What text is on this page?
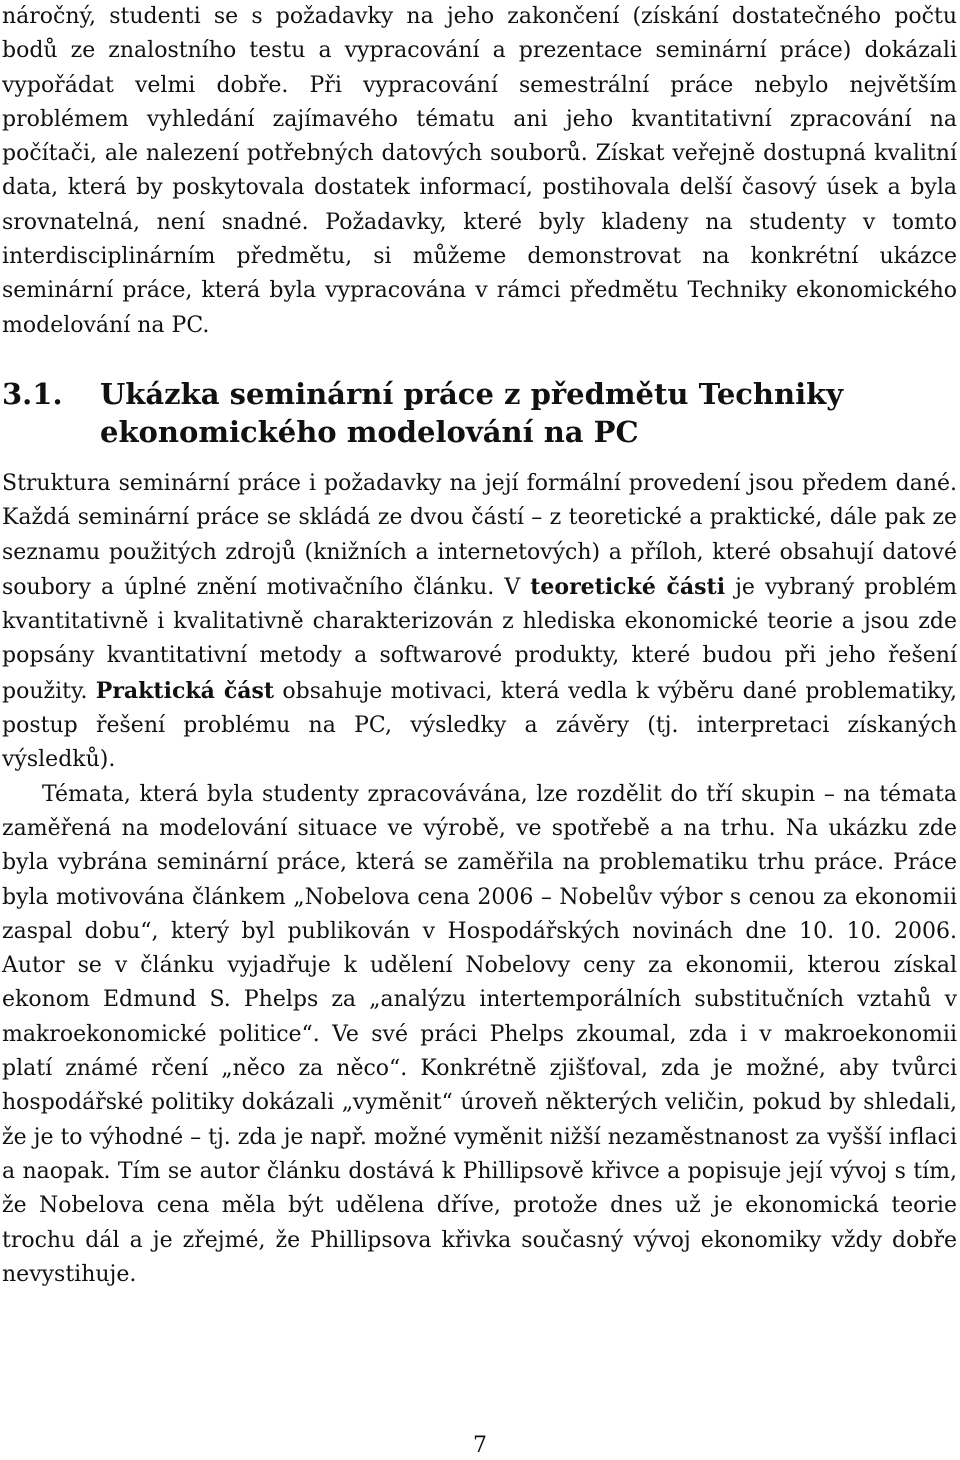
náročný, studenti se s požadavky na jeho zakončení (získání dostatečného počtu bodů ze znalostního testu a vypracování a prezentace seminární práce) dokázali vypořádat velmi dobře. Při vypracování semestrální práce nebylo největším problémem vyhledání zajímavého tématu ani jeho kvantitativní zpracování na počítači, ale nalezení potřebných datových souborů. Získat veřejně dostupná kvalitní data, která by poskytovala dostatek informací, postihovala delší časový úsek a byla srovnatelná, není snadné. Požadavky, které byly kladeny na studenty v tomto interdisciplinárním předmětu, si můžeme demonstrovat na konkrétní ukázce seminární práce, která byla vypracována v rámci předmětu Techniky ekonomického modelování na PC.

3.1.	Ukázka seminární práce z předmětu Techniky ekonomického modelování na PC

Struktura seminární práce i požadavky na její formální provedení jsou předem dané. Každá seminární práce se skládá ze dvou částí – z teoretické a praktické, dále pak ze seznamu použitých zdrojů (knižních a internetových) a příloh, které obsahují datové soubory a úplné znění motivačního článku. V teoretické části je vybraný problém kvantitativně i kvalitativně charakterizován z hlediska ekonomické teorie a jsou zde popsány kvantitativní metody a softwarové produkty, které budou při jeho řešení použity. Praktická část obsahuje motivaci, která vedla k výběru dané problematiky, postup řešení problému na PC, výsledky a závěry (tj. interpretaci získaných výsledků).

Témata, která byla studenty zpracovávána, lze rozdělit do tří skupin – na témata zaměřená na modelování situace ve výrobě, ve spotřebě a na trhu. Na ukázku zde byla vybrána seminární práce, která se zaměřila na problematiku trhu práce. Práce byla motivována článkem „Nobelova cena 2006 – Nobelův výbor s cenou za ekonomii zaspal dobu“, který byl publikován v Hospodářských novinách dne 10. 10. 2006. Autor se v článku vyjadřuje k udělení Nobelovy ceny za ekonomii, kterou získal ekonom Edmund S. Phelps za „analýzu intertemporálních substitučních vztahů v makroekonomické politice“. Ve své práci Phelps zkoumal, zda i v makroekonomii platí známé rčení „něco za něco“. Konkrétně zjišťoval, zda je možné, aby tvůrci hospodářské politiky dokázali „vyměnit“ úroveň některých veličin, pokud by shledali, že je to výhodné – tj. zda je např. možné vyměnit nižší nezaměstnanost za vyšší inflaci a naopak. Tím se autor článku dostává k Phillipsově křivce a popisuje její vývoj s tím, že Nobelova cena měla být udělena dříve, protože dnes už je ekonomická teorie trochu dál a je zřejmé, že Phillipsova křivka současný vývoj ekonomiky vždy dobře nevystihuje.

7
